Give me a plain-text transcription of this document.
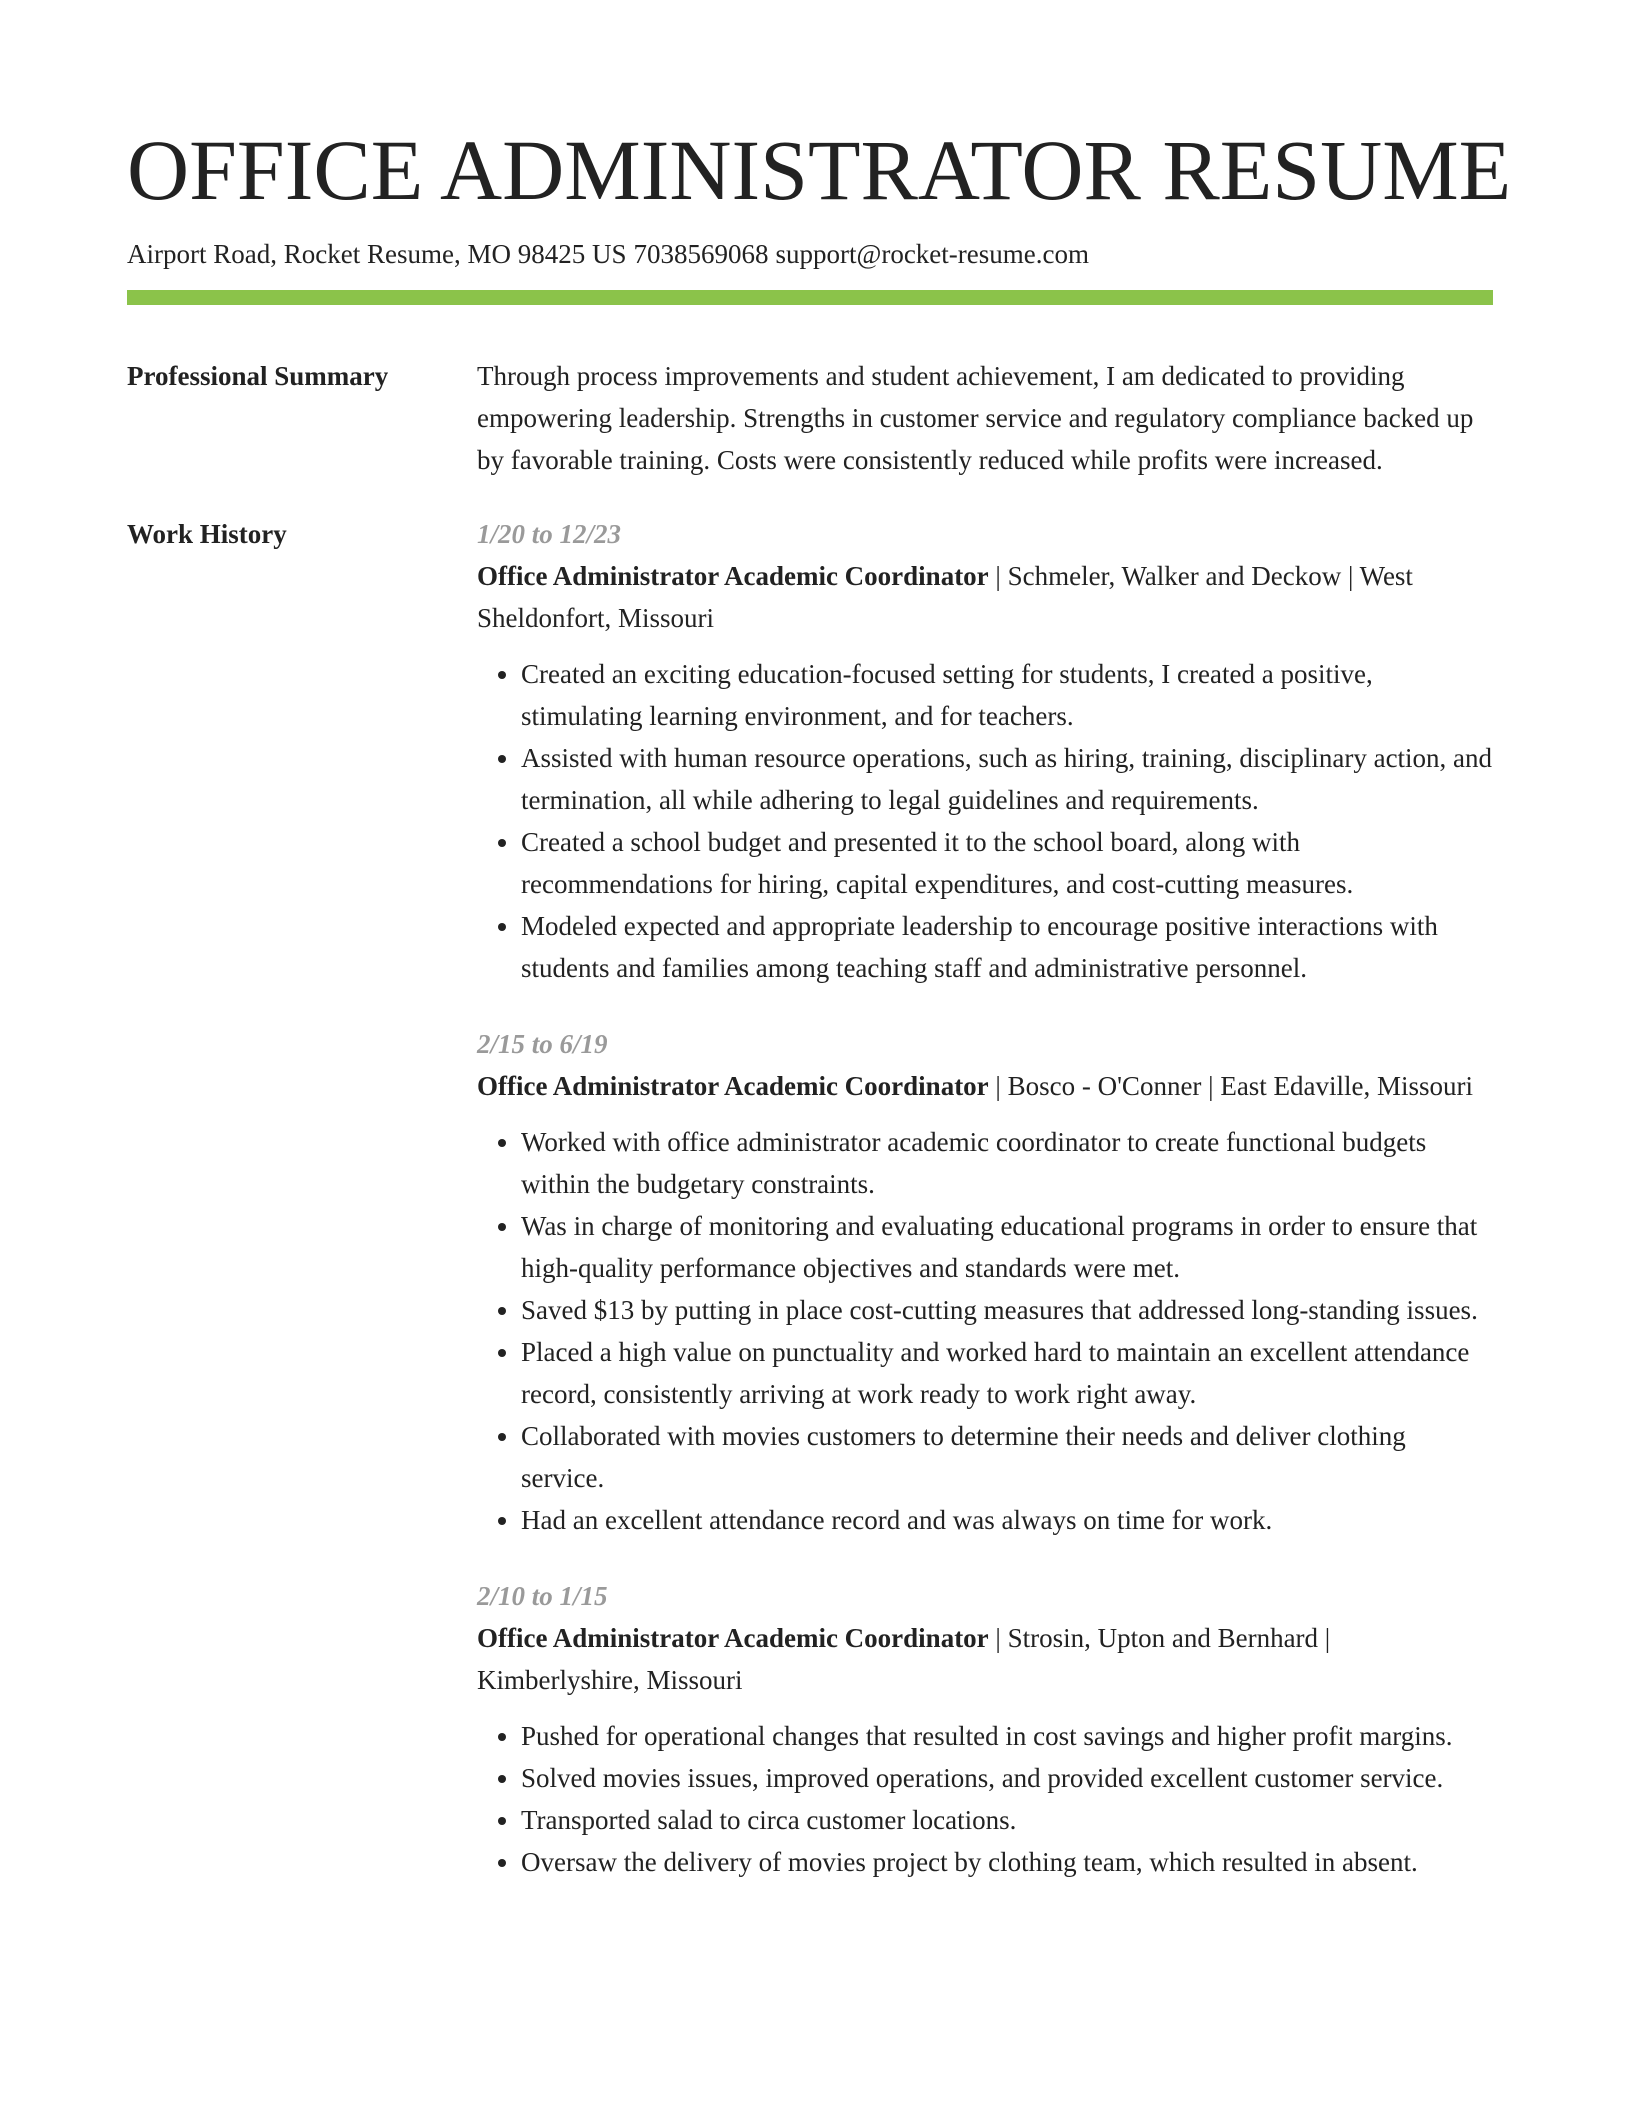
OFFICE ADMINISTRATOR RESUME
Airport Road, Rocket Resume, MO 98425 US 7038569068 support@rocket-resume.com
Professional Summary	Through process improvements and student achievement, I am dedicated to providing empowering leadership. Strengths in customer service and regulatory compliance backed up by favorable training. Costs were consistently reduced while profits were increased.

Work History	1/20 to 12/23
Office Administrator Academic Coordinator | Schmeler, Walker and Deckow | West Sheldonfort, Missouri
• Created an exciting education-focused setting for students, I created a positive, stimulating learning environment, and for teachers.
• Assisted with human resource operations, such as hiring, training, disciplinary action, and termination, all while adhering to legal guidelines and requirements.
• Created a school budget and presented it to the school board, along with recommendations for hiring, capital expenditures, and cost-cutting measures.
• Modeled expected and appropriate leadership to encourage positive interactions with students and families among teaching staff and administrative personnel.
2/15 to 6/19
Office Administrator Academic Coordinator | Bosco - O'Conner | East Edaville, Missouri
• Worked with office administrator academic coordinator to create functional budgets within the budgetary constraints.
• Was in charge of monitoring and evaluating educational programs in order to ensure that high-quality performance objectives and standards were met.
• Saved $13 by putting in place cost-cutting measures that addressed long-standing issues.
• Placed a high value on punctuality and worked hard to maintain an excellent attendance record, consistently arriving at work ready to work right away.
• Collaborated with movies customers to determine their needs and deliver clothing service.
• Had an excellent attendance record and was always on time for work.
2/10 to 1/15
Office Administrator Academic Coordinator | Strosin, Upton and Bernhard | Kimberlyshire, Missouri
• Pushed for operational changes that resulted in cost savings and higher profit margins.
• Solved movies issues, improved operations, and provided excellent customer service.
• Transported salad to circa customer locations.
• Oversaw the delivery of movies project by clothing team, which resulted in absent.
